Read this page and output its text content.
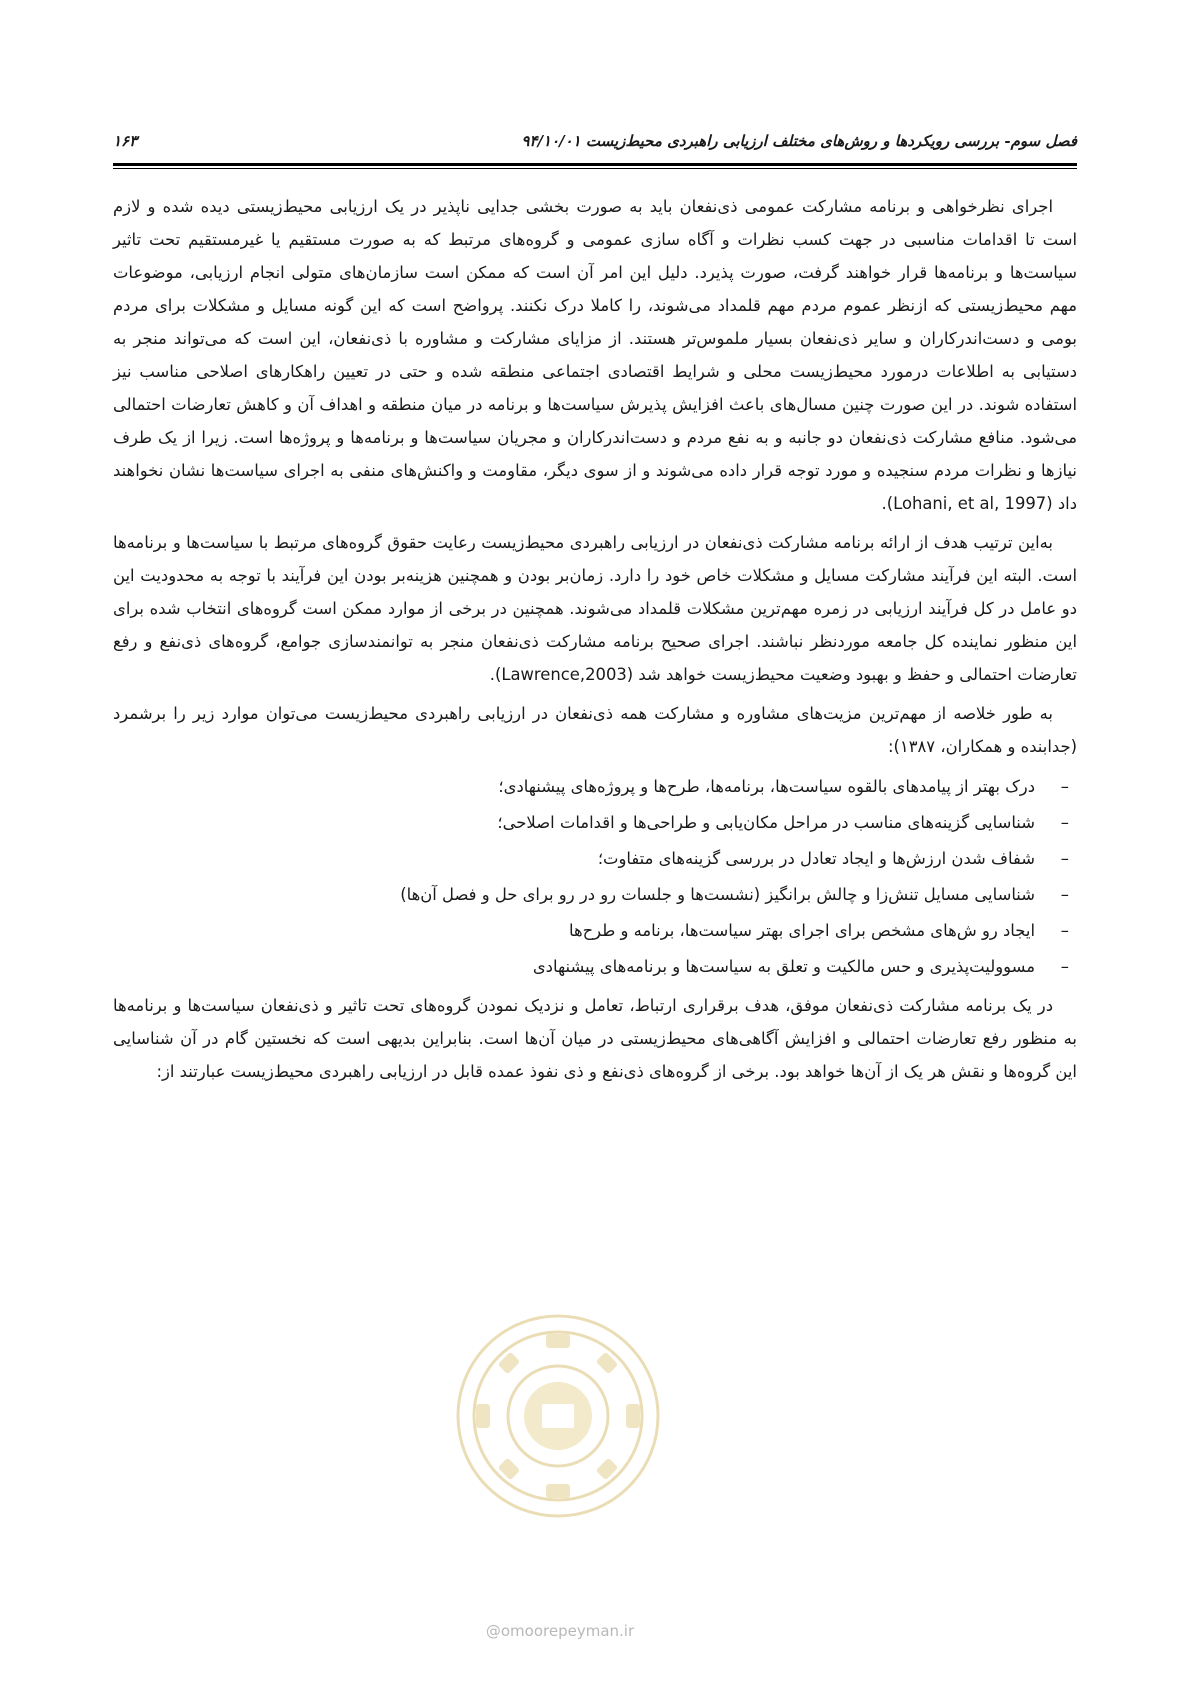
فصل سوم- بررسی رویکردها و روش‌های مختلف ارزیابی راهبردی محیط‌زیست ۹۴/۱۰/۰۱
۱۶۳

اجرای نظرخواهی و برنامه مشارکت عمومی ذی‌نفعان باید به صورت بخشی جدایی ناپذیر در یک ارزیابی محیط‌زیستی دیده شده و لازم است تا اقدامات مناسبی در جهت کسب نظرات و آگاه سازی عمومی و گروه‌های مرتبط که به صورت مستقیم یا غیرمستقیم تحت تاثیر سیاست‌ها و برنامه‌ها قرار خواهند گرفت، صورت پذیرد. دلیل این امر آن است که ممکن است سازمان‌های متولی انجام ارزیابی، موضوعات مهم محیط‌زیستی که ازنظر عموم مردم مهم قلمداد می‌شوند، را کاملا درک نکنند. پرواضح است که این گونه مسایل و مشکلات برای مردم بومی و دست‌اندرکاران و سایر ذی‌نفعان بسیار ملموس‌تر هستند. از مزایای مشارکت و مشاوره با ذی‌نفعان، این است که می‌تواند منجر به دستیابی به اطلاعات درمورد محیط‌زیست محلی و شرایط اقتصادی اجتماعی منطقه شده و حتی در تعیین راهکارهای اصلاحی مناسب نیز استفاده شوند. در این صورت چنین مسال‌های باعث افزایش پذیرش سیاست‌ها و برنامه در میان منطقه و اهداف آن و کاهش تعارضات احتمالی می‌شود. منافع مشارکت ذی‌نفعان دو جانبه و به نفع مردم و دست‌اندرکاران و مجریان سیاست‌ها و برنامه‌ها و پروژه‌ها است. زیرا از یک طرف نیازها و نظرات مردم سنجیده و مورد توجه قرار داده می‌شوند و از سوی دیگر، مقاومت و واکنش‌های منفی به اجرای سیاست‌ها نشان نخواهند داد (Lohani, et al, 1997).

به‌این ترتیب هدف از ارائه برنامه مشارکت ذی‌نفعان در ارزیابی راهبردی محیط‌زیست رعایت حقوق گروه‌های مرتبط با سیاست‌ها و برنامه‌ها است. البته این فرآیند مشارکت مسایل و مشکلات خاص خود را دارد. زمان‌بر بودن و همچنین هزینه‌بر بودن این فرآیند با توجه به محدودیت این دو عامل در کل فرآیند ارزیابی در زمره مهم‌ترین مشکلات قلمداد می‌شوند. همچنین در برخی از موارد ممکن است گروه‌های انتخاب شده برای این منظور نماینده کل جامعه موردنظر نباشند. اجرای صحیح برنامه مشارکت ذی‌نفعان منجر به توانمندسازی جوامع، گروه‌های ذی‌نفع و رفع تعارضات احتمالی و حفظ و بهبود وضعیت محیط‌زیست خواهد شد (Lawrence,2003).

به طور خلاصه از مهم‌ترین مزیت‌های مشاوره و مشارکت همه ذی‌نفعان در ارزیابی راهبردی محیط‌زیست می‌توان موارد زیر را برشمرد (جدابنده و همکاران، ۱۳۸۷):

–
درک بهتر از پیامدهای بالقوه سیاست‌ها، برنامه‌ها، طرح‌ها و پروژه‌های پیشنهادی؛
–
شناسایی گزینه‌های مناسب در مراحل مکان‌یابی و طراحی‌ها و اقدامات اصلاحی؛
–
شفاف شدن ارزش‌ها و ایجاد تعادل در بررسی گزینه‌های متفاوت؛
–
شناسایی مسایل تنش‌زا و چالش برانگیز (نشست‌ها و جلسات رو در رو برای حل و فصل آن‌ها)
–
ایجاد رو ش‌های مشخص برای اجرای بهتر سیاست‌ها، برنامه و طرح‌ها
–
مسوولیت‌پذیری و حس مالکیت و تعلق به سیاست‌ها و برنامه‌های پیشنهادی

در یک برنامه مشارکت ذی‌نفعان موفق، هدف برقراری ارتباط، تعامل و نزدیک نمودن گروه‌های تحت تاثیر و ذی‌نفعان سیاست‌ها و برنامه‌ها به منظور رفع تعارضات احتمالی و افزایش آگاهی‌های محیط‌زیستی در میان آن‌ها است. بنابراین بدیهی است که نخستین گام در آن شناسایی این گروه‌ها و نقش هر یک از آن‌ها خواهد بود. برخی از گروه‌های ذی‌نفع و ذی نفوذ عمده قابل در ارزیابی راهبردی محیط‌زیست عبارتند از:

@omoorepeyman.ir
